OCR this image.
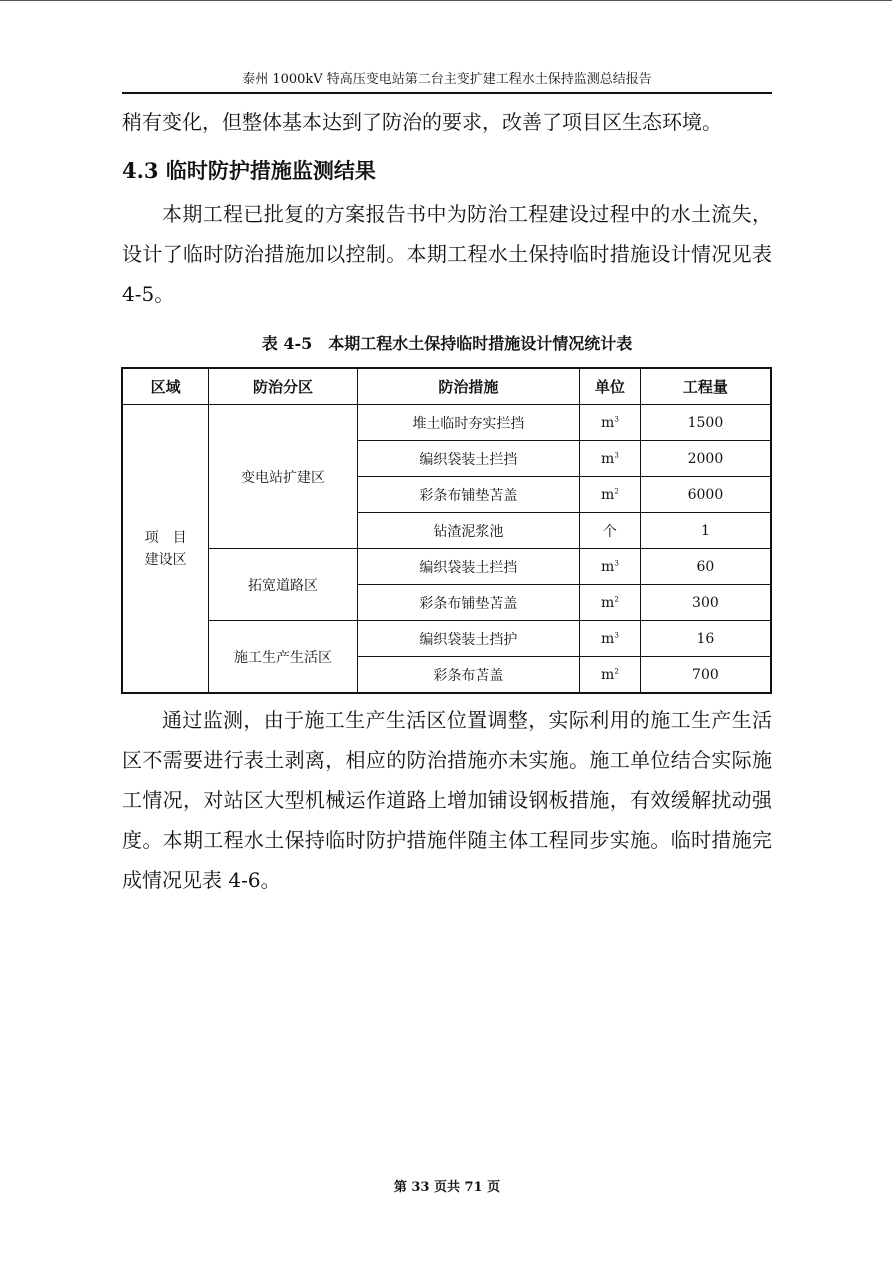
泰州 1000kV 特高压变电站第二台主变扩建工程水土保持监测总结报告

稍有变化，但整体基本达到了防治的要求，改善了项目区生态环境。

4.3 临时防护措施监测结果

本期工程已批复的方案报告书中为防治工程建设过程中的水土流失，设计了临时防治措施加以控制。本期工程水土保持临时措施设计情况见表 4-5。

表 4-5　本期工程水土保持临时措施设计情况统计表
区域	防治分区	防治措施	单位	工程量
项　目
建设区	变电站扩建区	堆土临时夯实拦挡	$m^3$	1500
		编织袋装土拦挡	$m^3$	2000
		彩条布铺垫苫盖	$m^2$	6000
		钻渣泥浆池	个	1
	拓宽道路区	编织袋装土拦挡	$m^3$	60
		彩条布铺垫苫盖	$m^2$	300
	施工生产生活区	编织袋装土挡护	$m^3$	16
		彩条布苫盖	$m^2$	700

通过监测，由于施工生产生活区位置调整，实际利用的施工生产生活区不需要进行表土剥离，相应的防治措施亦未实施。施工单位结合实际施工情况，对站区大型机械运作道路上增加铺设钢板措施，有效缓解扰动强度。本期工程水土保持临时防护措施伴随主体工程同步实施。临时措施完成情况见表 4-6。

第 33 页共 71 页
